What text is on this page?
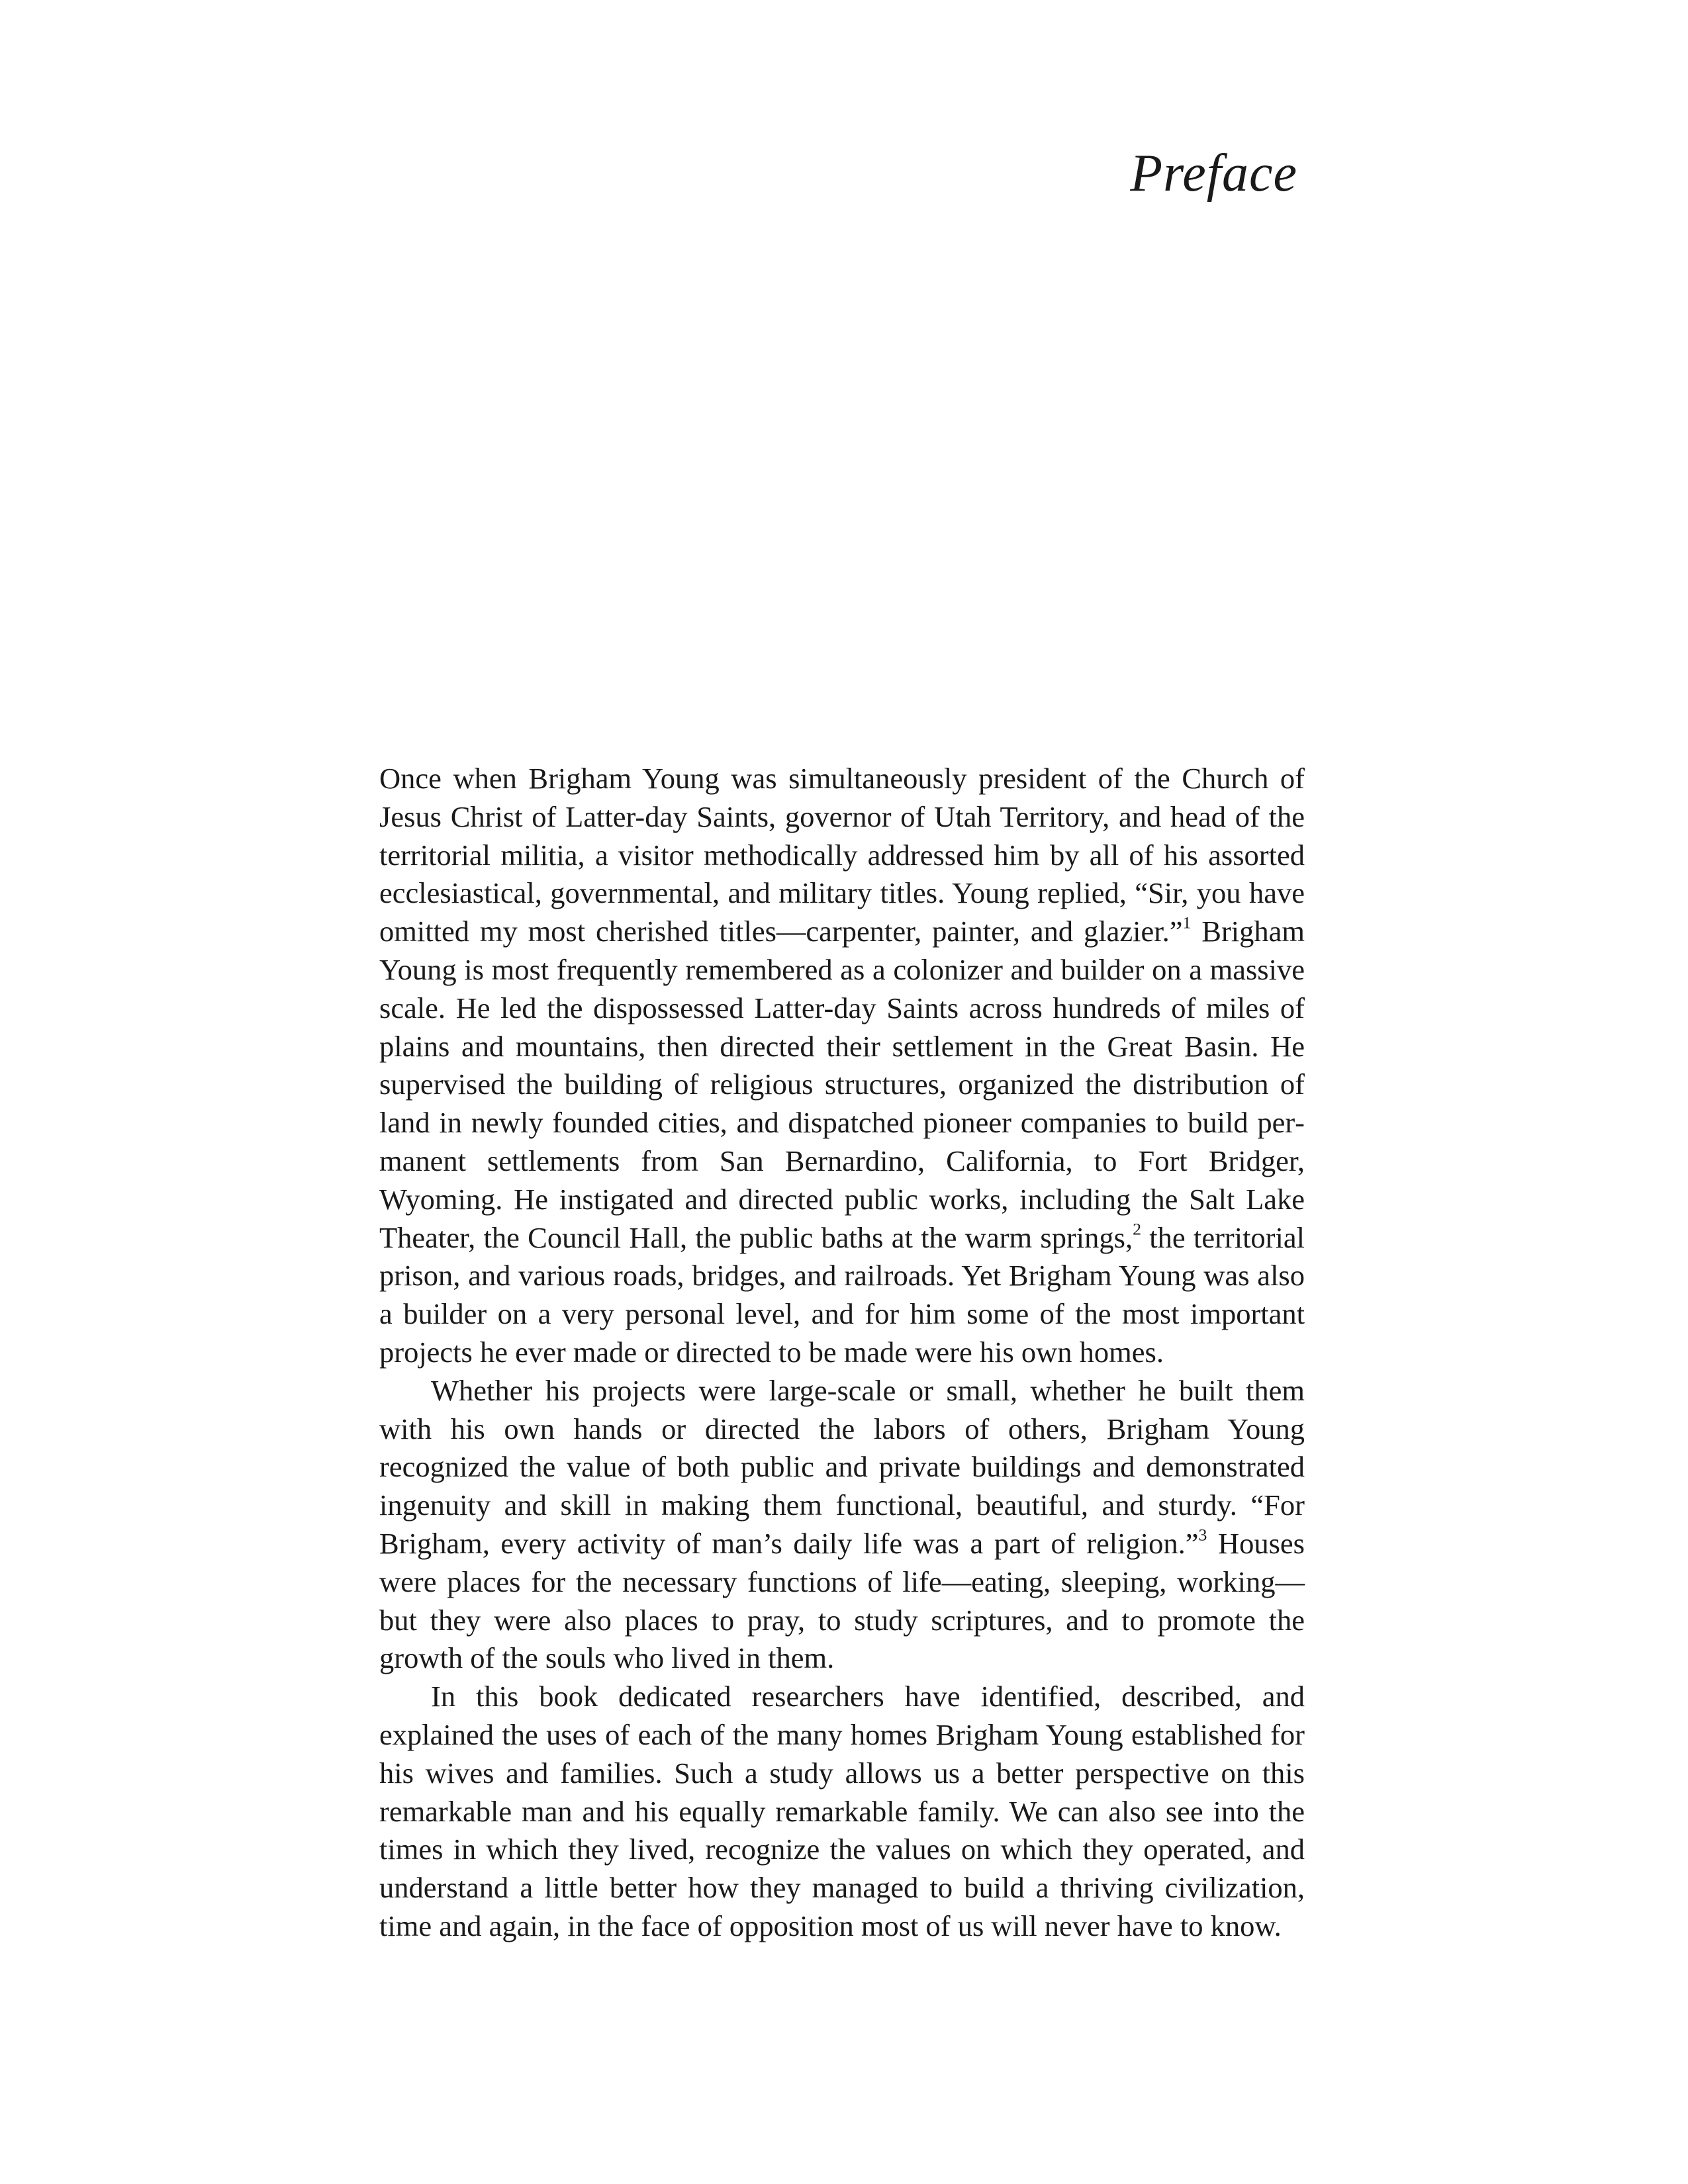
Preface

Once when Brigham Young was simultaneously president of the Church of Jesus Christ of Latter-day Saints, governor of Utah Territory, and head of the territorial militia, a visitor methodically addressed him by all of his assorted ecclesiastical, governmental, and military titles. Young replied, “Sir, you have omitted my most cherished titles—carpenter, painter, and glazier.”$^1$ Brigham Young is most frequently remembered as a colonizer and builder on a massive scale. He led the dispossessed Latter-day Saints across hundreds of miles of plains and mountains, then directed their settlement in the Great Basin. He supervised the building of religious structures, organized the distribution of land in newly founded cities, and dispatched pioneer companies to build permanent settlements from San Bernardino, California, to Fort Bridger, Wyoming. He instigated and directed public works, including the Salt Lake Theater, the Council Hall, the public baths at the warm springs,$^2$ the territorial prison, and various roads, bridges, and railroads. Yet Brigham Young was also a builder on a very personal level, and for him some of the most important projects he ever made or directed to be made were his own homes.

Whether his projects were large-scale or small, whether he built them with his own hands or directed the labors of others, Brigham Young recognized the value of both public and private buildings and demonstrated ingenuity and skill in making them functional, beautiful, and sturdy. “For Brigham, every activity of man’s daily life was a part of religion.”$^3$ Houses were places for the necessary functions of life—eating, sleeping, working—but they were also places to pray, to study scriptures, and to promote the growth of the souls who lived in them.

In this book dedicated researchers have identified, described, and explained the uses of each of the many homes Brigham Young established for his wives and families. Such a study allows us a better perspective on this remarkable man and his equally remarkable family. We can also see into the times in which they lived, recognize the values on which they operated, and understand a little better how they managed to build a thriving civilization, time and again, in the face of opposition most of us will never have to know.
